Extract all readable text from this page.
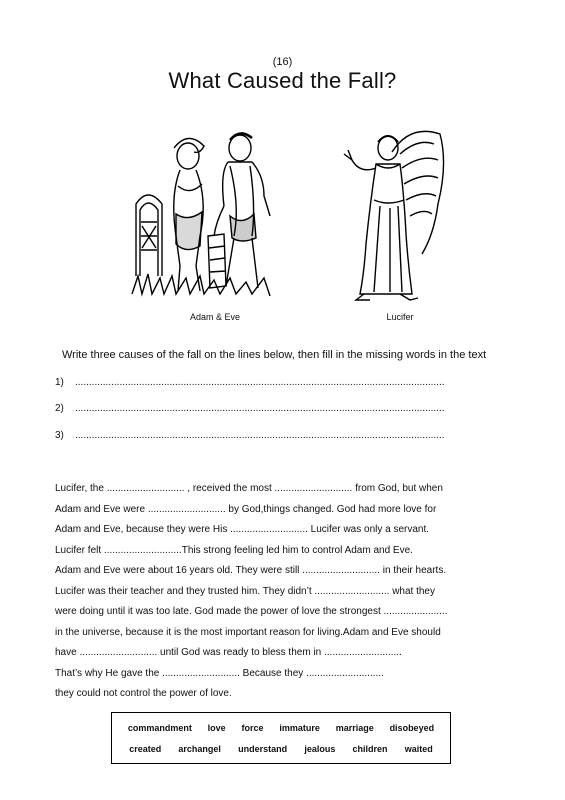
(16)
What Caused the Fall?
Adam & Eve	Lucifer
Write three causes of the fall on the lines below, then fill in the missing words in the text
1) .....................................................................................................................................
2) .....................................................................................................................................
3) .....................................................................................................................................
Lucifer, the ............................ , received the most ............................ from God, but when
Adam and Eve were ............................ by God,things changed. God had more love for
Adam and Eve, because they were His ............................ Lucifer was only a servant.
Lucifer felt ............................This strong feeling led him to control Adam and Eve.
Adam and Eve were about 16 years old. They were still ............................ in their hearts.
Lucifer was their teacher and they trusted him. They didn’t ........................... what they
were doing until it was too late. God made the power of love the strongest .......................
in the universe, because it is the most important reason for living.Adam and Eve should
have ............................ until God was ready to bless them in ............................
That’s why He gave the ............................ Because they ............................
they could not control the power of love.
commandment love force immature marriage disobeyed
created archangel understand jealous children waited
